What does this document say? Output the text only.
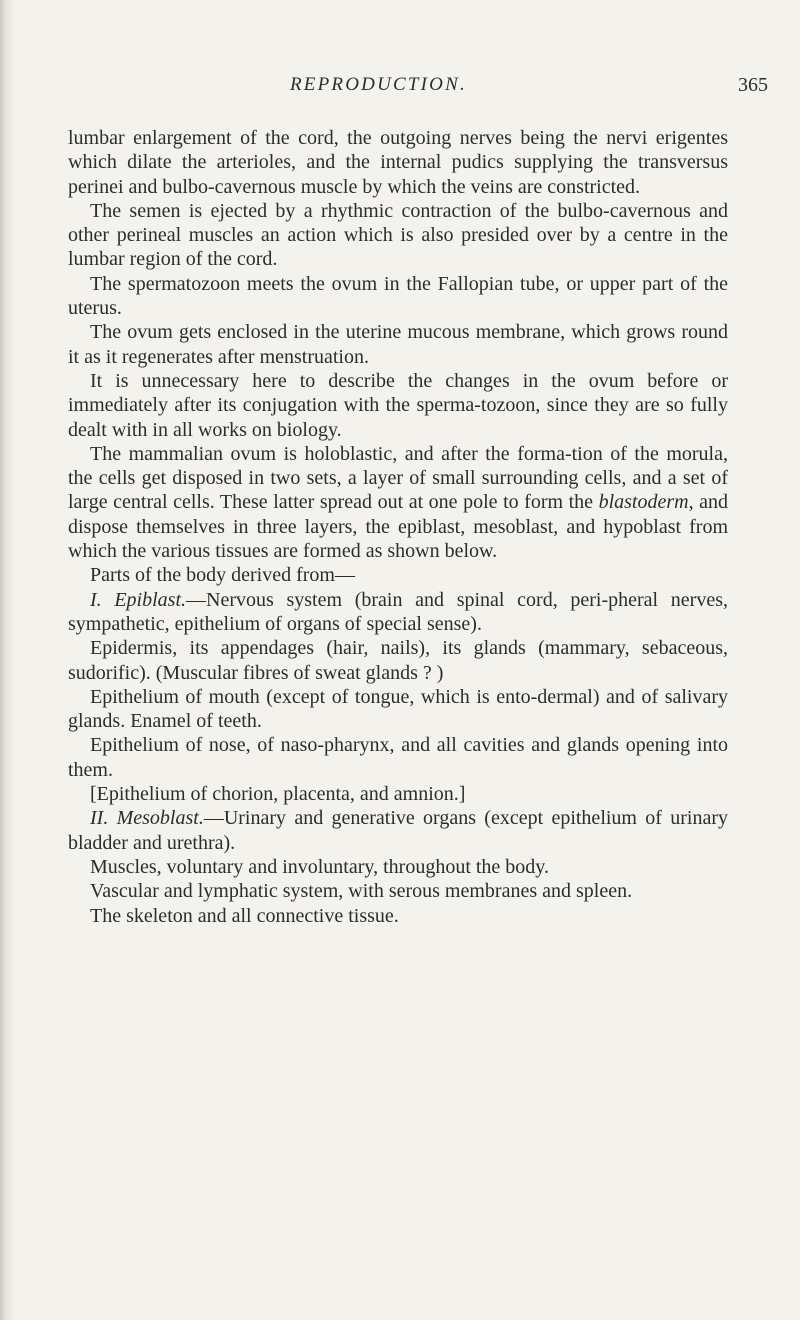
REPRODUCTION.	365

lumbar enlargement of the cord, the outgoing nerves being the nervi erigentes which dilate the arterioles, and the internal pudics supplying the transversus perinei and bulbo-cavernous muscle by which the veins are constricted.

The semen is ejected by a rhythmic contraction of the bulbo-cavernous and other perineal muscles an action which is also presided over by a centre in the lumbar region of the cord.

The spermatozoon meets the ovum in the Fallopian tube, or upper part of the uterus.

The ovum gets enclosed in the uterine mucous membrane, which grows round it as it regenerates after menstruation.

It is unnecessary here to describe the changes in the ovum before or immediately after its conjugation with the sperma-tozoon, since they are so fully dealt with in all works on biology.

The mammalian ovum is holoblastic, and after the forma-tion of the morula, the cells get disposed in two sets, a layer of small surrounding cells, and a set of large central cells. These latter spread out at one pole to form the blastoderm, and dispose themselves in three layers, the epiblast, mesoblast, and hypoblast from which the various tissues are formed as shown below.

Parts of the body derived from—

I. Epiblast.—Nervous system (brain and spinal cord, peri-pheral nerves, sympathetic, epithelium of organs of special sense).

Epidermis, its appendages (hair, nails), its glands (mammary, sebaceous, sudorific). (Muscular fibres of sweat glands ? )

Epithelium of mouth (except of tongue, which is ento-dermal) and of salivary glands. Enamel of teeth.

Epithelium of nose, of naso-pharynx, and all cavities and glands opening into them.

[Epithelium of chorion, placenta, and amnion.]

II. Mesoblast.—Urinary and generative organs (except epithelium of urinary bladder and urethra).

Muscles, voluntary and involuntary, throughout the body.

Vascular and lymphatic system, with serous membranes and spleen.

The skeleton and all connective tissue.
